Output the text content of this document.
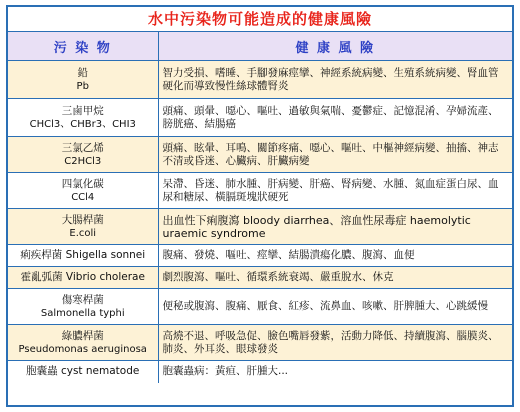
水中污染物可能造成的健康風險
污 染 物	健 康 風 險
鉛
Pb	智力受損、嗜睡、手腳發麻痙攣、神經系統病變、生殖系統病變、腎血管硬化而導致慢性絲球體腎炎
三鹵甲烷
CHCl3、CHBr3、CHI3	頭痛、頭暈、噁心、嘔吐、過敏與氣喘、憂鬱症、記憶混淆、孕婦流產、膀胱癌、結腸癌
三氯乙烯
C2HCl3	頭痛、眩暈、耳鳴、關節疼痛、噁心、嘔吐、中樞神經病變、抽搐、神志不清或昏迷、心臟病、肝臟病變
四氯化碳
CCl4	呆滯、昏迷、肺水腫、肝病變、肝癌、腎病變、水腫、氮血症蛋白尿、血尿和糖尿、橫膈斑塊狀硬死
大腸桿菌
E.coli	出血性下痢腹瀉 bloody diarrhea、溶血性尿毒症 haemolytic uraemic syndrome
痢疾桿菌 Shigella sonnei	腹痛、發燒、嘔吐、痙攣、結腸潰瘍化膿、腹瀉、血便
霍亂弧菌 Vibrio cholerae	劇烈腹瀉、嘔吐、循環系統衰竭、嚴重脫水、休克
傷寒桿菌
Salmonella typhi	便秘或腹瀉、腹痛、厭食、紅疹、流鼻血、咳嗽、肝脾腫大、心跳緩慢
綠膿桿菌
Pseudomonas aeruginosa	高燒不退、呼吸急促、臉色嘴唇發紫，活動力降低、持續腹瀉、腦膜炎、肺炎、外耳炎、眼球發炎
胞囊蟲 cyst nematode	胞囊蟲病：黃疸、肝腫大...
